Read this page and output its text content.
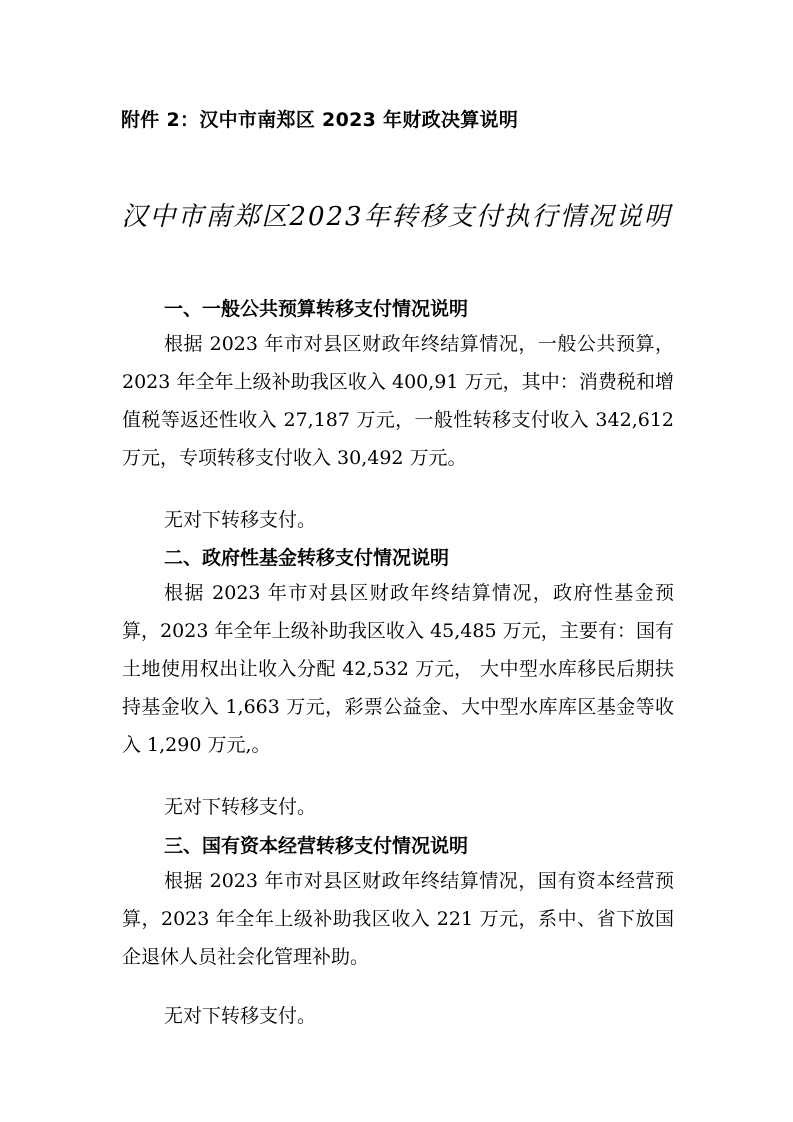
附件 2：汉中市南郑区 2023 年财政决算说明
汉中市南郑区2023年转移支付执行情况说明
一、一般公共预算转移支付情况说明

根据 2023 年市对县区财政年终结算情况，一般公共预算，2023 年全年上级补助我区收入 400,91 万元，其中：消费税和增值税等返还性收入 27,187 万元，一般性转移支付收入 342,612 万元，专项转移支付收入 30,492 万元。

无对下转移支付。
二、政府性基金转移支付情况说明

根据 2023 年市对县区财政年终结算情况，政府性基金预算，2023 年全年上级补助我区收入 45,485 万元，主要有：国有土地使用权出让收入分配 42,532 万元， 大中型水库移民后期扶持基金收入 1,663 万元，彩票公益金、大中型水库库区基金等收入 1,290 万元,。

无对下转移支付。
三、国有资本经营转移支付情况说明

根据 2023 年市对县区财政年终结算情况，国有资本经营预算，2023 年全年上级补助我区收入 221 万元，系中、省下放国企退休人员社会化管理补助。

无对下转移支付。
